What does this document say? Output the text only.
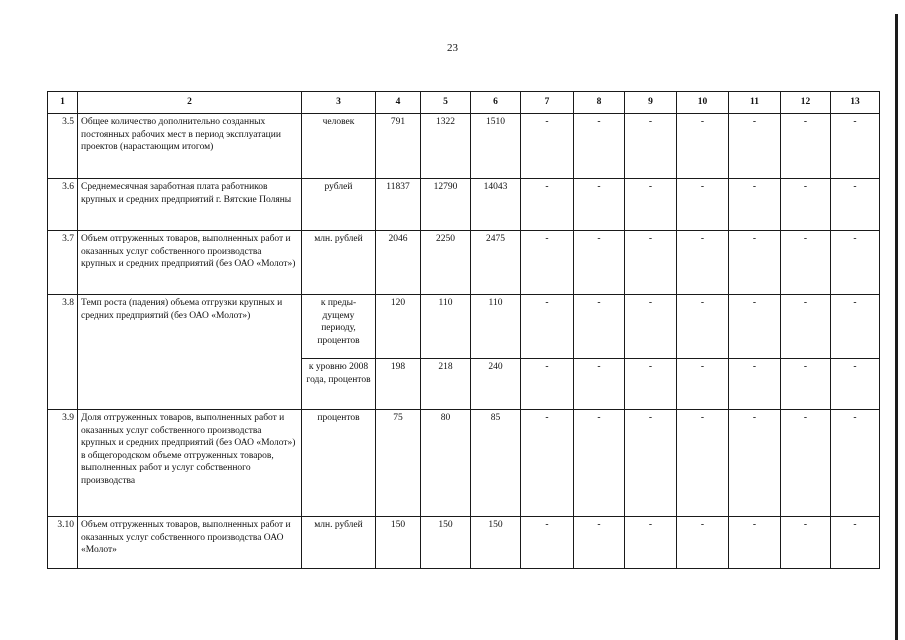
23
1	2	3	4	5	6	7	8	9	10	11	12	13
3.5	Общее количество дополнительно созданных постоянных рабочих мест в период эксплуатации проектов (нарастающим итогом)	человек	791	1322	1510	-	-	-	-	-	-	-
3.6	Среднемесячная заработная плата работников крупных и средних предприятий г. Вятские Поляны	рублей	11837	12790	14043	-	-	-	-	-	-	-
3.7	Объем отгруженных товаров, выполненных работ и оказанных услуг собственного производства крупных и средних предприятий (без ОАО «Молот»)	млн. рублей	2046	2250	2475	-	-	-	-	-	-	-
3.8	Темп роста (падения) объема отгрузки крупных и средних предприятий (без ОАО «Молот»)	к преды-дущему периоду, процентов	120	110	110	-	-	-	-	-	-	-
		к уровню 2008 года, процентов	198	218	240	-	-	-	-	-	-	-
3.9	Доля отгруженных товаров, выполненных работ и оказанных услуг собственного производства крупных и средних предприятий (без ОАО «Молот») в общегородском объеме отгруженных товаров, выполненных работ и услуг собственного производства	процентов	75	80	85	-	-	-	-	-	-	-
3.10	Объем отгруженных товаров, выполненных работ и оказанных услуг собственного производства ОАО «Молот»	млн. рублей	150	150	150	-	-	-	-	-	-	-
